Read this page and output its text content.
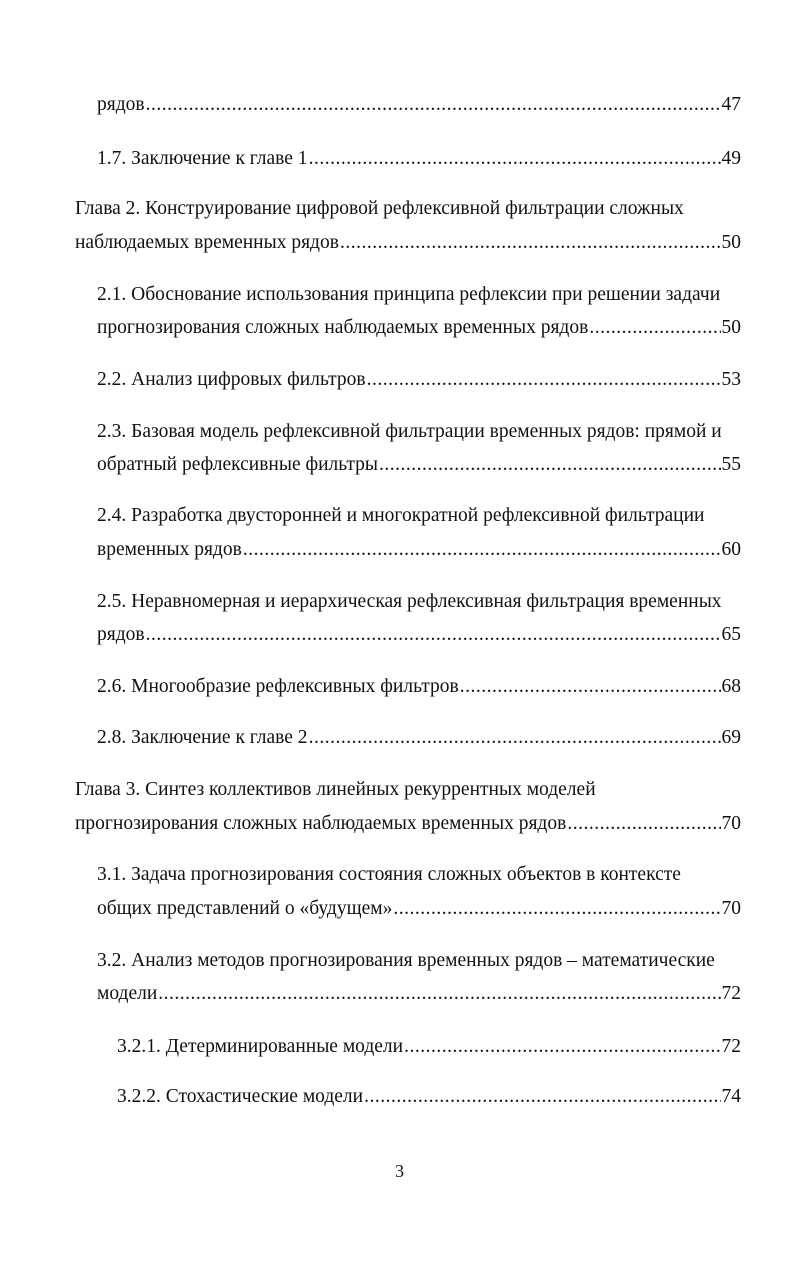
рядов .....	47
1.7. Заключение к главе 1 .....	49
Глава 2. Конструирование цифровой рефлексивной фильтрации сложных
наблюдаемых временных рядов .....	50
2.1. Обоснование использования принципа рефлексии при решении задачи
прогнозирования сложных наблюдаемых временных рядов .....	50
2.2. Анализ цифровых фильтров .....	53
2.3. Базовая модель рефлексивной фильтрации временных рядов: прямой и
обратный рефлексивные фильтры .....	55
2.4. Разработка двусторонней и многократной рефлексивной фильтрации
временных рядов .....	60
2.5. Неравномерная и иерархическая рефлексивная фильтрация временных
рядов .....	65
2.6. Многообразие рефлексивных фильтров .....	68
2.8. Заключение к главе 2 .....	69
Глава 3. Синтез коллективов линейных рекуррентных моделей
прогнозирования сложных наблюдаемых временных рядов .....	70
3.1. Задача прогнозирования состояния сложных объектов в контексте
общих представлений о «будущем» .....	70
3.2. Анализ методов прогнозирования временных рядов – математические
модели .....	72
3.2.1. Детерминированные модели .....	72
3.2.2. Стохастические модели .....	74
3
